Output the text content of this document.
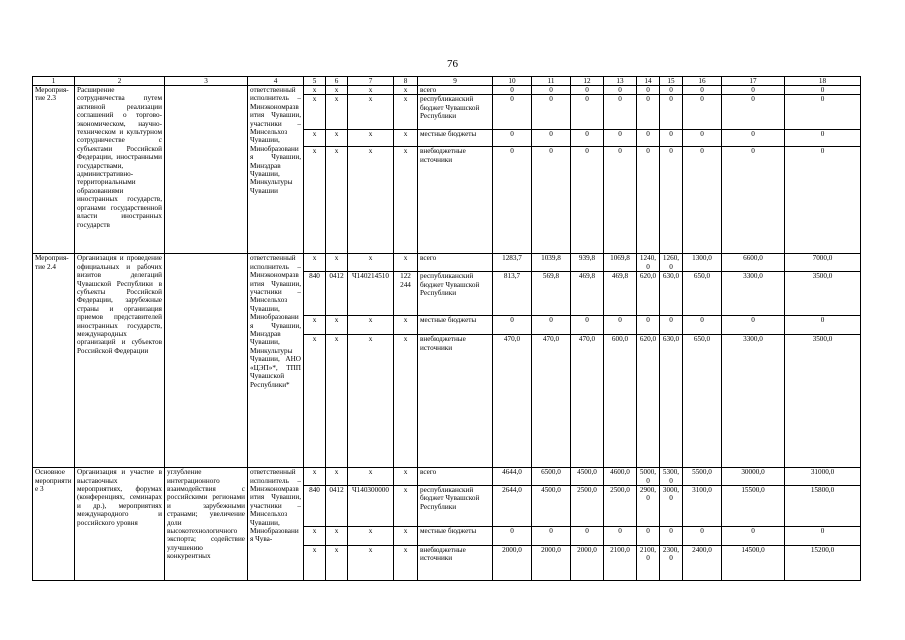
76
1	2	3	4	5	6	7	8	9	10	11	12	13	14	15	16	17	18
Мероприя-тие 2.3	Расширение сотрудничества путем активной реализации соглашений о торгово-экономическом, научно-техническом и культурном сотрудничестве с субъектами Российской Федерации, иностранными государствами, административно-территориальными образованиями иностранных государств, органами государственной власти иностранных государств		ответственный исполнитель – Минэкономразвития Чувашии, участники – Минсельхоз Чувашии, Минобразования Чувашии, Минздрав Чувашии, Минкультуры Чувашии	x	x	x	x	всего	0	0	0	0	0	0	0	0	0
				x	x	x	x	республиканский бюджет Чувашской Республики	0	0	0	0	0	0	0	0	0
				x	x	x	x	местные бюджеты	0	0	0	0	0	0	0	0	0
				x	x	x	x	внебюджетные источники	0	0	0	0	0	0	0	0	0
Мероприя-тие 2.4	Организация и проведение официальных и рабочих визитов делегаций Чувашской Республики в субъекты Российской Федерации, зарубежные страны и организация приемов представителей иностранных государств, международных организаций и субъектов Российской Федерации		ответственный исполнитель – Минэкономразвития Чувашии, участники – Минсельхоз Чувашии, Минобразования Чувашии, Минздрав Чувашии, Минкультуры Чувашии, АНО «ЦЭП»*, ТПП Чувашской Республики*	x	x	x	x	всего	1283,7	1039,8	939,8	1069,8	1240,0	1260,0	1300,0	6600,0	7000,0
				840	0412	Ч140214510	122 244	республиканский бюджет Чувашской Республики	813,7	569,8	469,8	469,8	620,0	630,0	650,0	3300,0	3500,0
				x	x	x	x	местные бюджеты	0	0	0	0	0	0	0	0	0
				x	x	x	x	внебюджетные источники	470,0	470,0	470,0	600,0	620,0	630,0	650,0	3300,0	3500,0
Основное мероприятие 3	Организация и участие в выставочных мероприятиях, форумах (конференциях, семинарах и др.), мероприятиях международного и российского уровня	углубление интеграционного взаимодействия с российскими регионами и зарубежными странами; увеличение доли высокотехнологичного экспорта; содействие улучшению конкурентных	ответственный исполнитель – Минэкономразвития Чувашии, участники – Минсельхоз Чувашии, Минобразования Чува-	x	x	x	x	всего	4644,0	6500,0	4500,0	4600,0	5000,0	5300,0	5500,0	30000,0	31000,0
				840	0412	Ч140300000	x	республиканский бюджет Чувашской Республики	2644,0	4500,0	2500,0	2500,0	2900,0	3000,0	3100,0	15500,0	15800,0
				x	x	x	x	местные бюджеты	0	0	0	0	0	0	0	0	0
				x	x	x	x	внебюджетные источники	2000,0	2000,0	2000,0	2100,0	2100,0	2300,0	2400,0	14500,0	15200,0
